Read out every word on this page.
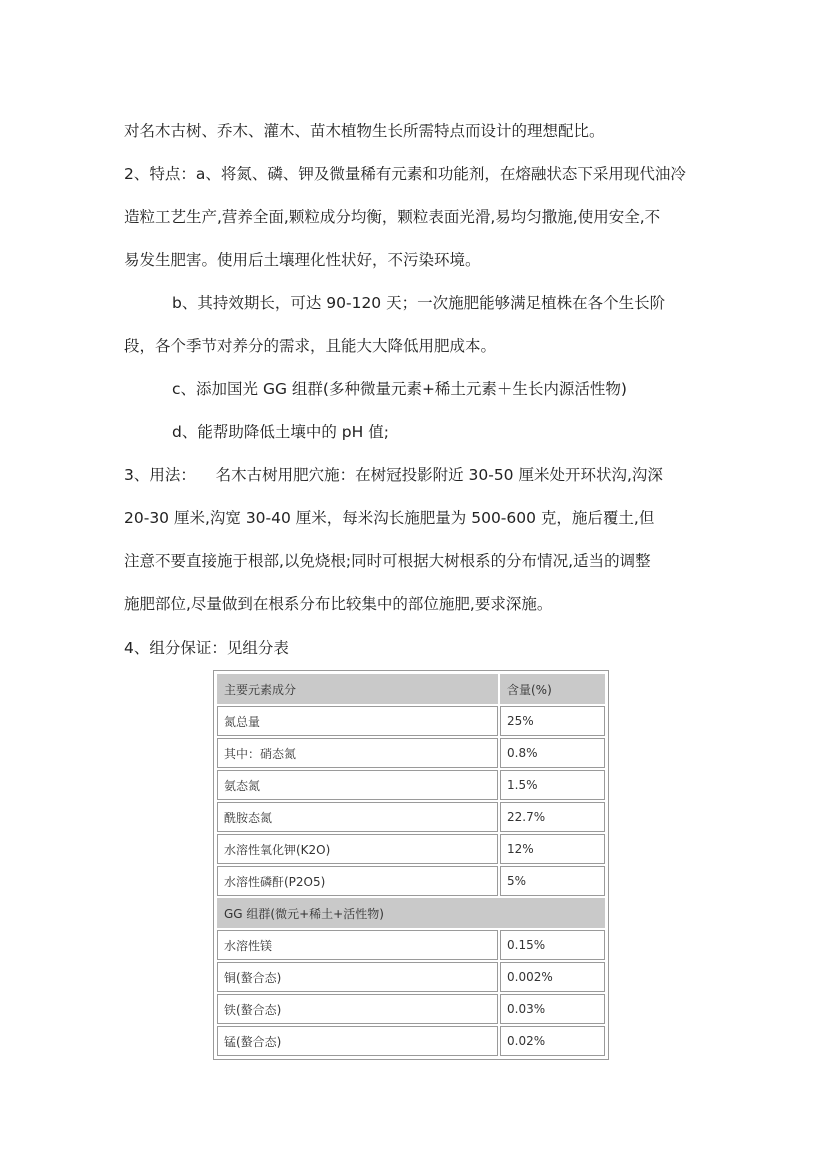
对名木古树、乔木、灌木、苗木植物生长所需特点而设计的理想配比。

2、特点：a、将氮、磷、钾及微量稀有元素和功能剂，在熔融状态下采用现代油冷
造粒工艺生产,营养全面,颗粒成分均衡，颗粒表面光滑,易均匀撒施,使用安全,不
易发生肥害。使用后土壤理化性状好，不污染环境。

b、其持效期长，可达 90-120 天；一次施肥能够满足植株在各个生长阶
段，各个季节对养分的需求，且能大大降低用肥成本。

c、添加国光 GG 组群(多种微量元素+稀土元素＋生长内源活性物)

d、能帮助降低土壤中的 pH 值;

3、用法：    名木古树用肥穴施：在树冠投影附近 30-50 厘米处开环状沟,沟深
20-30 厘米,沟宽 30-40 厘米，每米沟长施肥量为 500-600 克，施后覆土,但
注意不要直接施于根部,以免烧根;同时可根据大树根系的分布情况,适当的调整
施肥部位,尽量做到在根系分布比较集中的部位施肥,要求深施。

4、组分保证：见组分表

主要元素成分	含量(%)
氮总量	25%
其中：硝态氮	0.8%
氨态氮	1.5%
酰胺态氮	22.7%
水溶性氧化钾(K2O)	12%
水溶性磷酐(P2O5)	5%
GG 组群(微元+稀土+活性物)	
水溶性镁	0.15%
铜(螯合态)	0.002%
铁(螯合态)	0.03%
锰(螯合态)	0.02%
